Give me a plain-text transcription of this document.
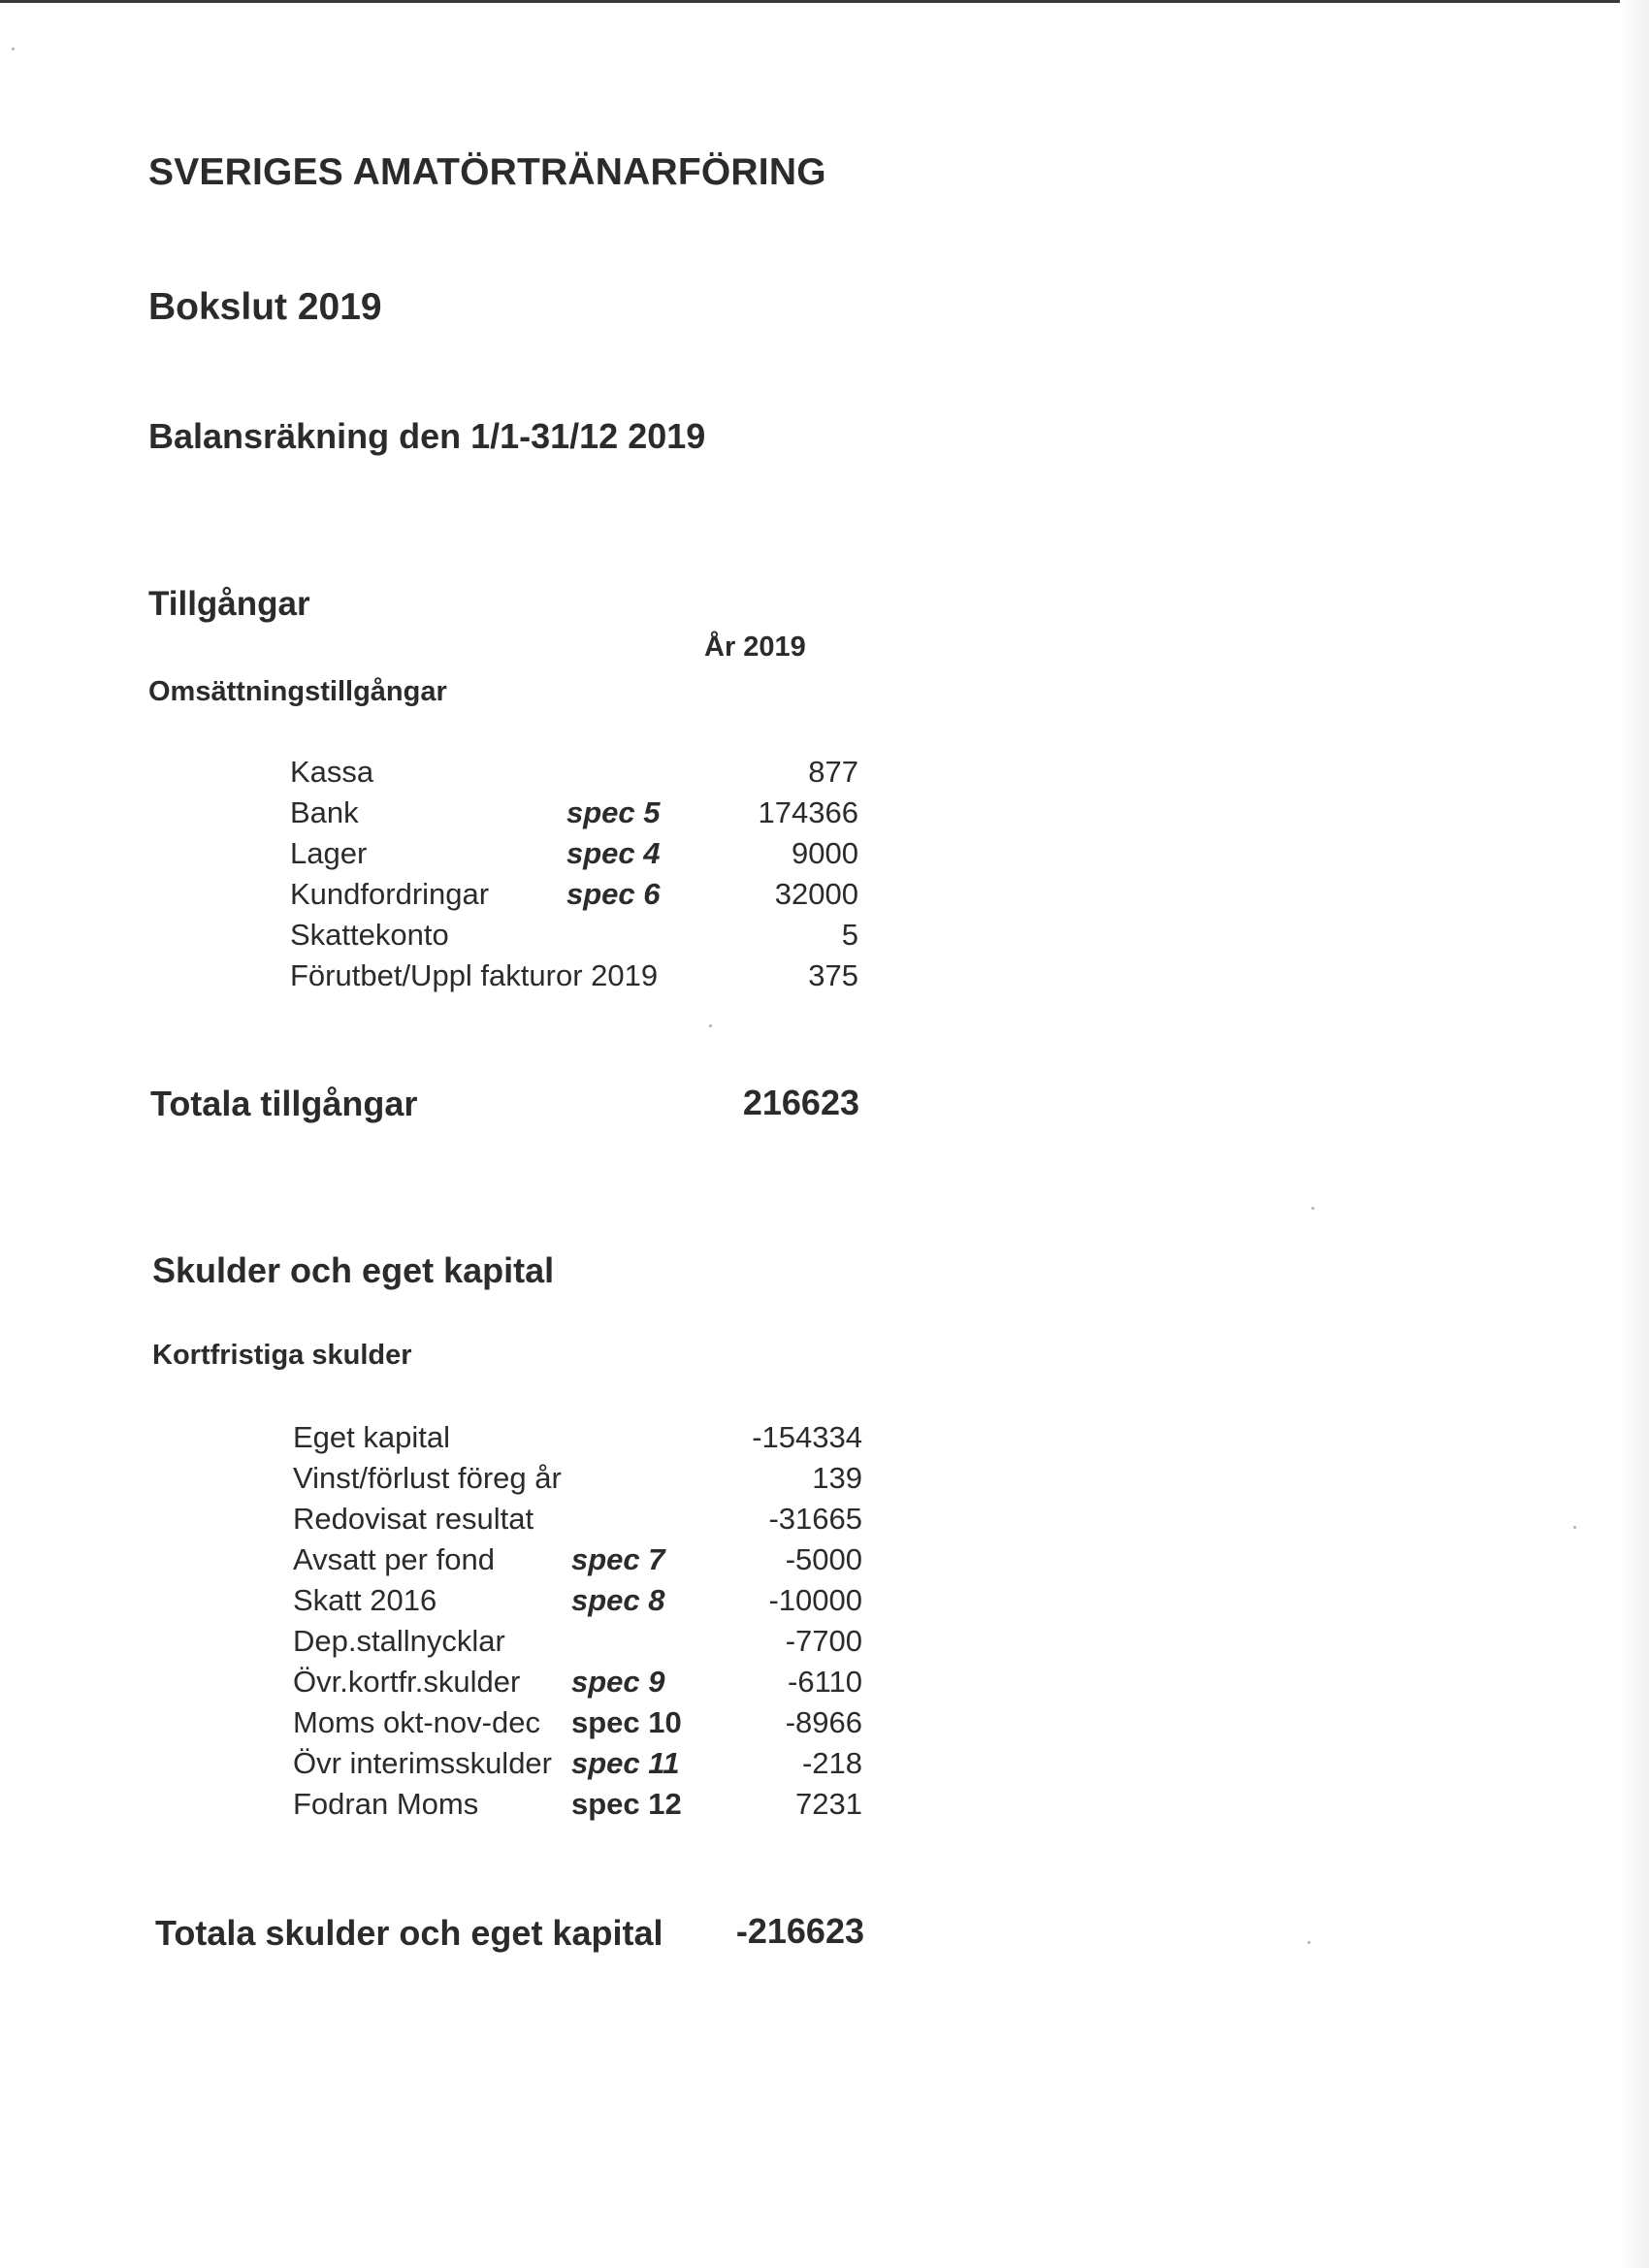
SVERIGES AMATÖRTRÄNARFÖRING
Bokslut 2019
Balansräkning den 1/1-31/12 2019
Tillgångar
År 2019
Omsättningstillgångar
Kassa	877
Bank	spec 5	174366
Lager	spec 4	9000
Kundfordringar	spec 6	32000
Skattekonto	5
Förutbet/Uppl fakturor 2019	375
Totala tillgångar	216623
Skulder och eget kapital
Kortfristiga skulder
Eget kapital	-154334
Vinst/förlust föreg år	139
Redovisat resultat	-31665
Avsatt per fond	spec 7	-5000
Skatt 2016	spec 8	-10000
Dep.stallnycklar	-7700
Övr.kortfr.skulder spec 9	-6110
Moms okt-nov-dec spec 10	-8966
Övr interimsskulder spec 11	-218
Fodran Moms	spec 12	7231
Totala skulder och eget kapital	-216623
